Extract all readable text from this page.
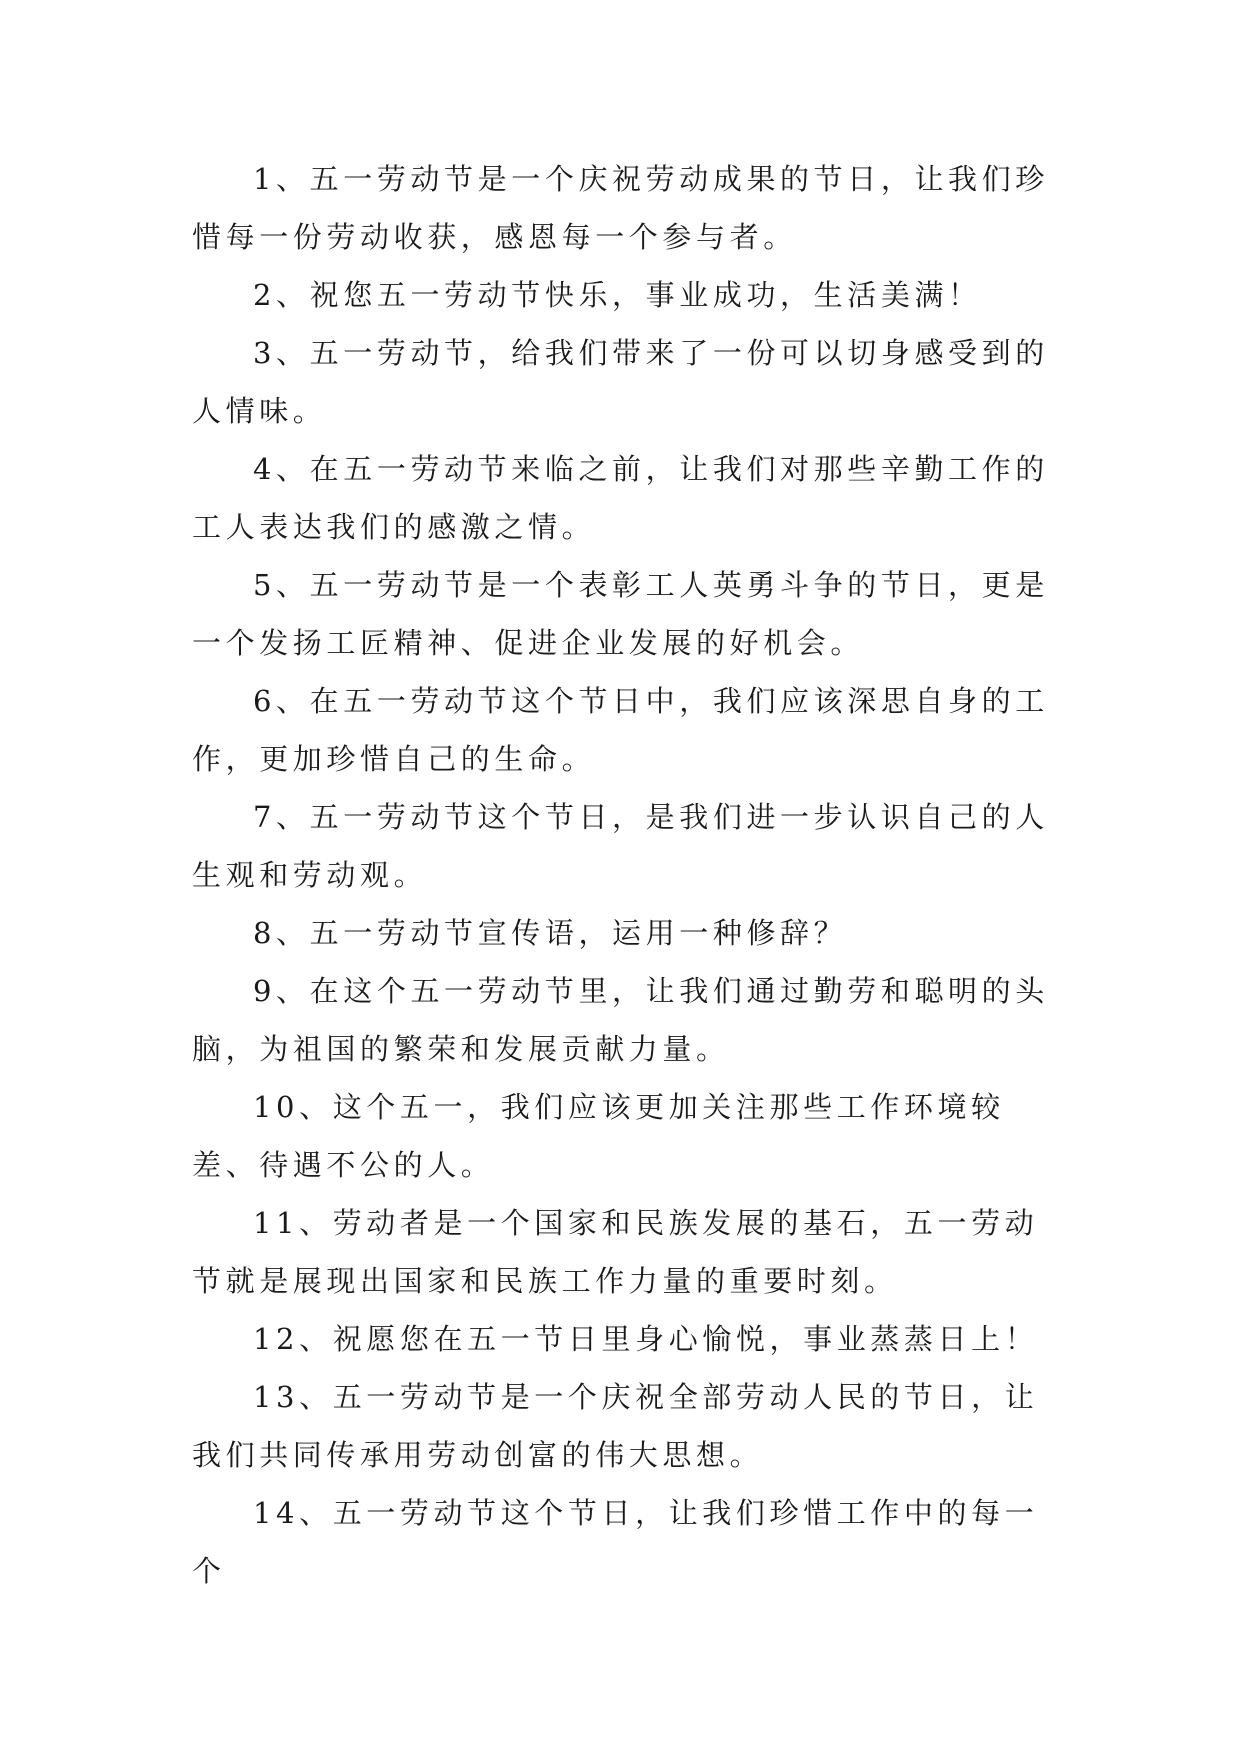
1、五一劳动节是一个庆祝劳动成果的节日，让我们珍惜每一份劳动收获，感恩每一个参与者。

2、祝您五一劳动节快乐，事业成功，生活美满！

3、五一劳动节，给我们带来了一份可以切身感受到的人情味。

4、在五一劳动节来临之前，让我们对那些辛勤工作的工人表达我们的感激之情。

5、五一劳动节是一个表彰工人英勇斗争的节日，更是一个发扬工匠精神、促进企业发展的好机会。

6、在五一劳动节这个节日中，我们应该深思自身的工作，更加珍惜自己的生命。

7、五一劳动节这个节日，是我们进一步认识自己的人生观和劳动观。

8、五一劳动节宣传语，运用一种修辞？

9、在这个五一劳动节里，让我们通过勤劳和聪明的头脑，为祖国的繁荣和发展贡献力量。

10、这个五一，我们应该更加关注那些工作环境较差、待遇不公的人。

11、劳动者是一个国家和民族发展的基石，五一劳动节就是展现出国家和民族工作力量的重要时刻。

12、祝愿您在五一节日里身心愉悦，事业蒸蒸日上！

13、五一劳动节是一个庆祝全部劳动人民的节日，让我们共同传承用劳动创富的伟大思想。

14、五一劳动节这个节日，让我们珍惜工作中的每一个
